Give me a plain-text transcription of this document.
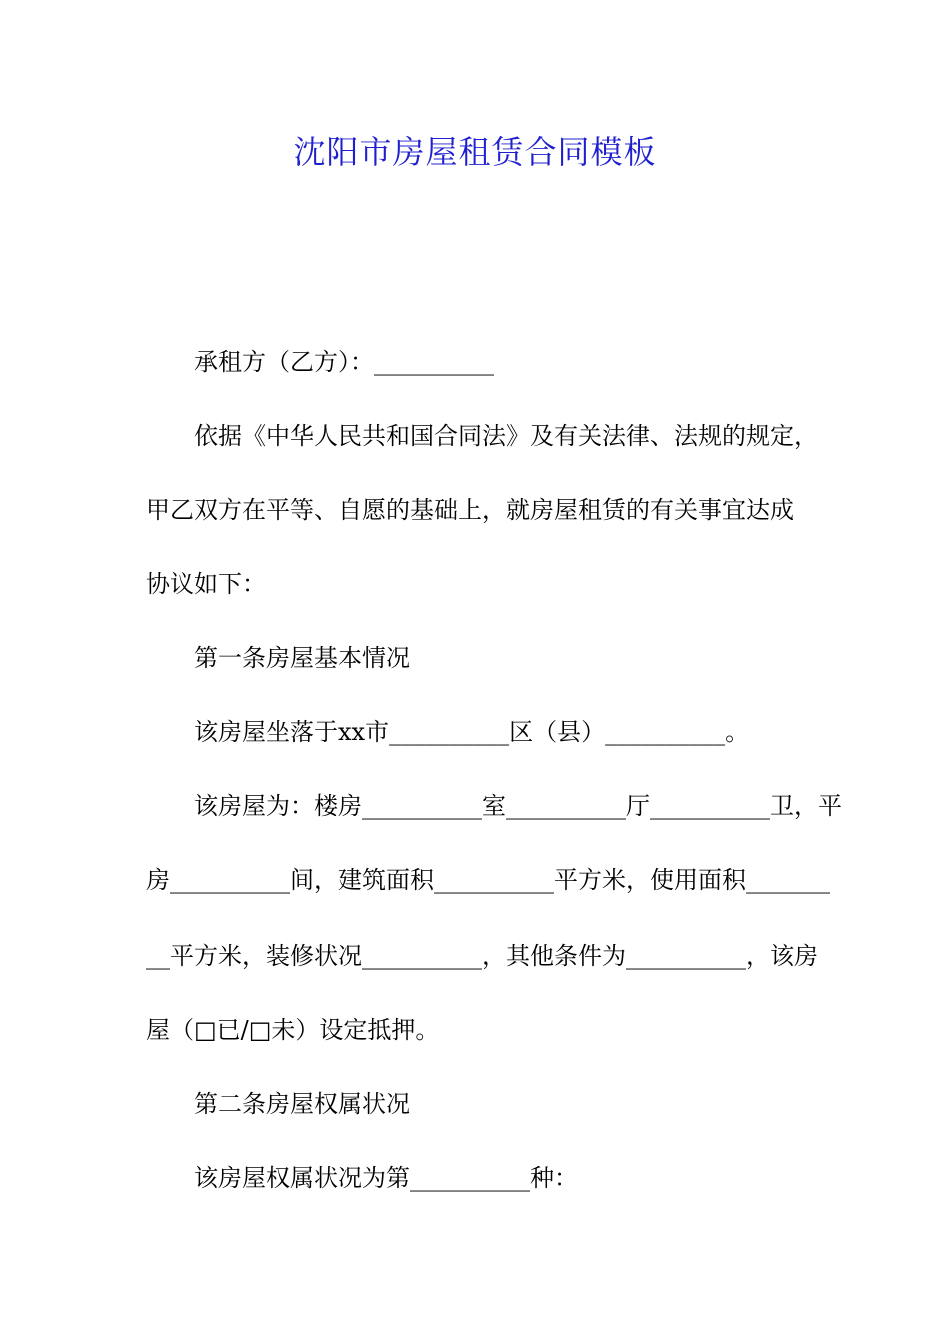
沈阳市房屋租赁合同模板
承租方（乙方）：__________
依据《中华人民共和国合同法》及有关法律、法规的规定，
甲乙双方在平等、自愿的基础上，就房屋租赁的有关事宜达成
协议如下：
第一条房屋基本情况
该房屋坐落于xx市__________区（县）__________。
该房屋为：楼房__________室__________厅__________卫，平
房__________间，建筑面积__________平方米，使用面积_______
__平方米，装修状况__________，其他条件为__________，该房
屋（□已/□未）设定抵押。
第二条房屋权属状况
该房屋权属状况为第__________种：
